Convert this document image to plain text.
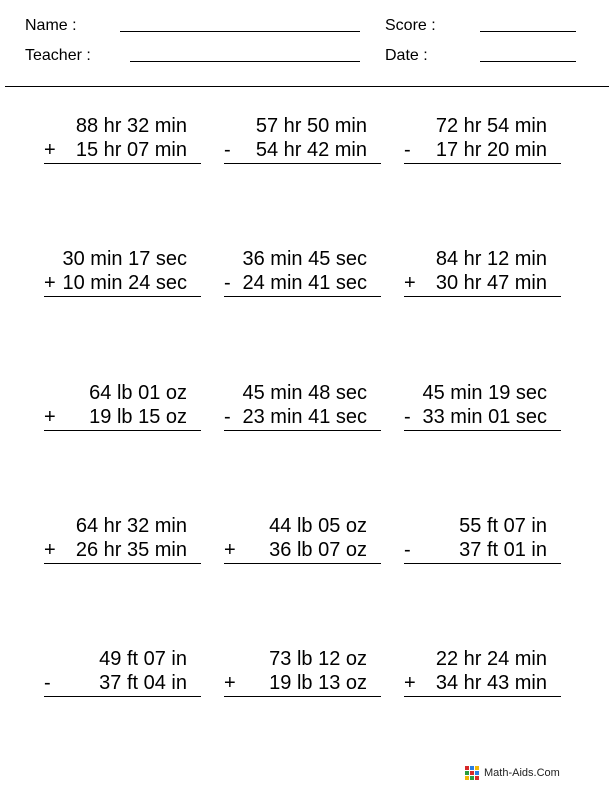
Name :
Teacher :
Score :
Date :
88 hr 32 min
+	15 hr 07 min
57 hr 50 min
-	54 hr 42 min
72 hr 54 min
-	17 hr 20 min
30 min 17 sec
+ 10 min 24 sec
36 min 45 sec
- 24 min 41 sec
84 hr 12 min
+	30 hr 47 min
64 lb 01 oz
+	19 lb 15 oz
45 min 48 sec
- 23 min 41 sec
45 min 19 sec
- 33 min 01 sec
64 hr 32 min
+	26 hr 35 min
44 lb 05 oz
+	36 lb 07 oz
55 ft 07 in
-	37 ft 01 in
49 ft 07 in
-	37 ft 04 in
73 lb 12 oz
+	19 lb 13 oz
22 hr 24 min
+	34 hr 43 min
Math-Aids.Com
